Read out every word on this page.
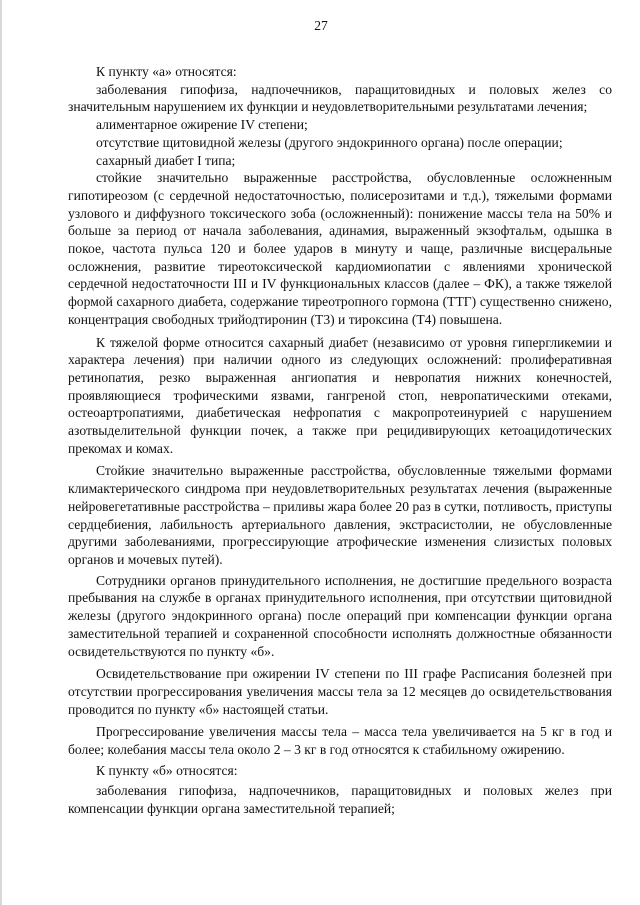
27

К пункту «а» относятся:

заболевания гипофиза, надпочечников, паращитовидных и половых желез со значительным нарушением их функции и неудовлетворительными результатами лечения;

алиментарное ожирение IV степени;

отсутствие щитовидной железы (другого эндокринного органа) после операции;

сахарный диабет I типа;

стойкие значительно выраженные расстройства, обусловленные осложненным гипотиреозом (с сердечной недостаточностью, полисерозитами и т.д.), тяжелыми формами узлового и диффузного токсического зоба (осложненный): понижение массы тела на 50% и больше за период от начала заболевания, адинамия, выраженный экзофтальм, одышка в покое, частота пульса 120 и более ударов в минуту и чаще, различные висцеральные осложнения, развитие тиреотоксической кардиомиопатии с явлениями хронической сердечной недостаточности III и IV функциональных классов (далее – ФК), а также тяжелой формой сахарного диабета, содержание тиреотропного гормона (ТТГ) существенно снижено, концентрация свободных трийодтиронин (Т3) и тироксина (Т4) повышена.

К тяжелой форме относится сахарный диабет (независимо от уровня гипергликемии и характера лечения) при наличии одного из следующих осложнений: пролиферативная ретинопатия, резко выраженная ангиопатия и невропатия нижних конечностей, проявляющиеся трофическими язвами, гангреной стоп, невропатическими отеками, остеоартропатиями, диабетическая нефропатия с макропротеинурией с нарушением азотвыделительной функции почек, а также при рецидивирующих кетоацидотических прекомах и комах.

Стойкие значительно выраженные расстройства, обусловленные тяжелыми формами климактерического синдрома при неудовлетворительных результатах лечения (выраженные нейровегетативные расстройства – приливы жара более 20 раз в сутки, потливость, приступы сердцебиения, лабильность артериального давления, экстрасистолии, не обусловленные другими заболеваниями, прогрессирующие атрофические изменения слизистых половых органов и мочевых путей).

Сотрудники органов принудительного исполнения, не достигшие предельного возраста пребывания на службе в органах принудительного исполнения, при отсутствии щитовидной железы (другого эндокринного органа) после операций при компенсации функции органа заместительной терапией и сохраненной способности исполнять должностные обязанности освидетельствуются по пункту «б».

Освидетельствование при ожирении IV степени по III графе Расписания болезней при отсутствии прогрессирования увеличения массы тела за 12 месяцев до освидетельствования проводится по пункту «б» настоящей статьи.

Прогрессирование увеличения массы тела – масса тела увеличивается на 5 кг в год и более; колебания массы тела около 2 – 3 кг в год относятся к стабильному ожирению.

К пункту «б» относятся:

заболевания гипофиза, надпочечников, паращитовидных и половых желез при компенсации функции органа заместительной терапией;
